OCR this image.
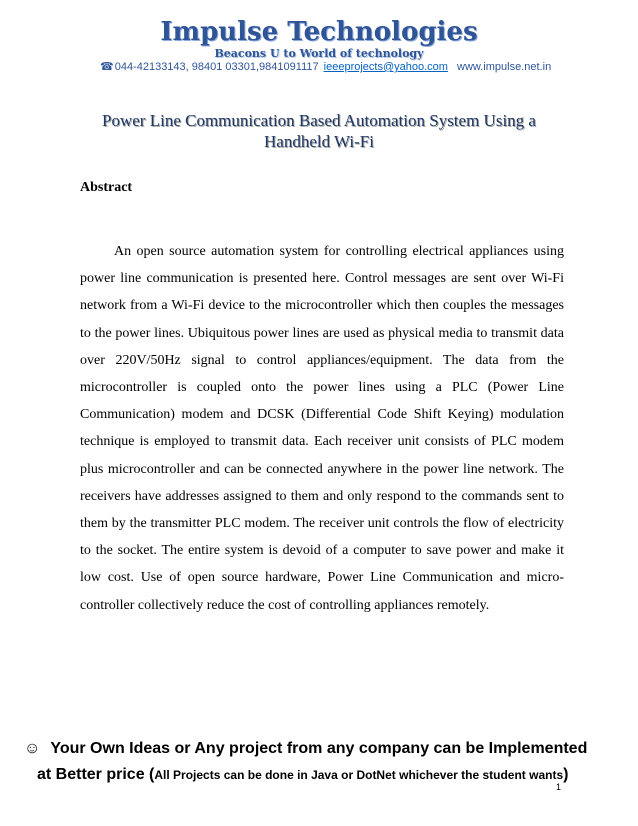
Impulse Technologies
Beacons U to World of technology
☎044-42133143, 98401 03301,9841091117 ieeeprojects@yahoo.com www.impulse.net.in
Power Line Communication Based Automation System Using a
Handheld Wi-Fi
Abstract

An open source automation system for controlling electrical appliances using power line communication is presented here. Control messages are sent over Wi-Fi network from a Wi-Fi device to the microcontroller which then couples the messages to the power lines. Ubiquitous power lines are used as physical media to transmit data over 220V/50Hz signal to control appliances/equipment. The data from the microcontroller is coupled onto the power lines using a PLC (Power Line Communication) modem and DCSK (Differential Code Shift Keying) modulation technique is employed to transmit data. Each receiver unit consists of PLC modem plus microcontroller and can be connected anywhere in the power line network. The receivers have addresses assigned to them and only respond to the commands sent to them by the transmitter PLC modem. The receiver unit controls the flow of electricity to the socket. The entire system is devoid of a computer to save power and make it low cost. Use of open source hardware, Power Line Communication and micro-controller collectively reduce the cost of controlling appliances remotely.

☺ Your Own Ideas or Any project from any company can be Implemented
at Better price (All Projects can be done in Java or DotNet whichever the student wants)
1
